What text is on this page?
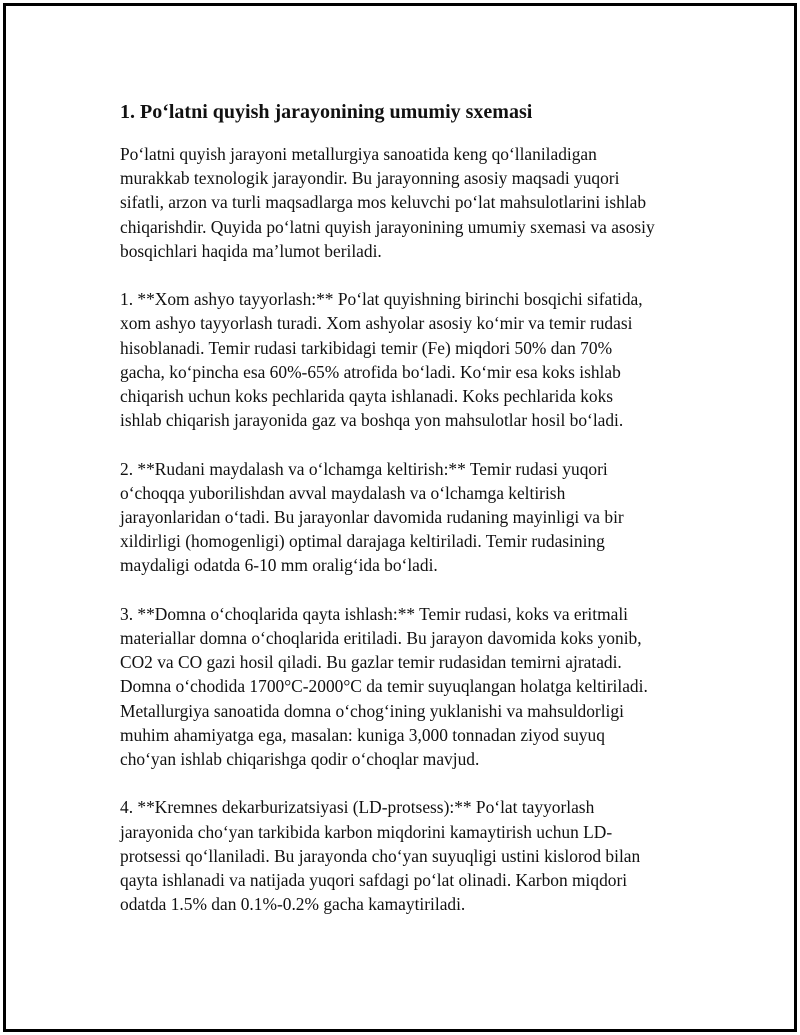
1. Po‘latni quyish jarayonining umumiy sxemasi
Po‘latni quyish jarayoni metallurgiya sanoatida keng qo‘llaniladigan
murakkab texnologik jarayondir. Bu jarayonning asosiy maqsadi yuqori
sifatli, arzon va turli maqsadlarga mos keluvchi po‘lat mahsulotlarini ishlab
chiqarishdir. Quyida po‘latni quyish jarayonining umumiy sxemasi va asosiy
bosqichlari haqida ma’lumot beriladi.
1. **Xom ashyo tayyorlash:** Po‘lat quyishning birinchi bosqichi sifatida,
xom ashyo tayyorlash turadi. Xom ashyolar asosiy ko‘mir va temir rudasi
hisoblanadi. Temir rudasi tarkibidagi temir (Fe) miqdori 50% dan 70%
gacha, ko‘pincha esa 60%-65% atrofida bo‘ladi. Ko‘mir esa koks ishlab
chiqarish uchun koks pechlarida qayta ishlanadi. Koks pechlarida koks
ishlab chiqarish jarayonida gaz va boshqa yon mahsulotlar hosil bo‘ladi.
2. **Rudani maydalash va o‘lchamga keltirish:** Temir rudasi yuqori
o‘choqqa yuborilishdan avval maydalash va o‘lchamga keltirish
jarayonlaridan o‘tadi. Bu jarayonlar davomida rudaning mayinligi va bir
xildirligi (homogenligi) optimal darajaga keltiriladi. Temir rudasining
maydaligi odatda 6-10 mm oralig‘ida bo‘ladi.
3. **Domna o‘choqlarida qayta ishlash:** Temir rudasi, koks va eritmali
materiallar domna o‘choqlarida eritiladi. Bu jarayon davomida koks yonib,
CO2 va CO gazi hosil qiladi. Bu gazlar temir rudasidan temirni ajratadi.
Domna o‘chodida 1700°C-2000°C da temir suyuqlangan holatga keltiriladi.
Metallurgiya sanoatida domna o‘chog‘ining yuklanishi va mahsuldorligi
muhim ahamiyatga ega, masalan: kuniga 3,000 tonnadan ziyod suyuq
cho‘yan ishlab chiqarishga qodir o‘choqlar mavjud.
4. **Kremnes dekarburizatsiyasi (LD-protsess):** Po‘lat tayyorlash
jarayonida cho‘yan tarkibida karbon miqdorini kamaytirish uchun LD-
protsessi qo‘llaniladi. Bu jarayonda cho‘yan suyuqligi ustini kislorod bilan
qayta ishlanadi va natijada yuqori safdagi po‘lat olinadi. Karbon miqdori
odatda 1.5% dan 0.1%-0.2% gacha kamaytiriladi.
